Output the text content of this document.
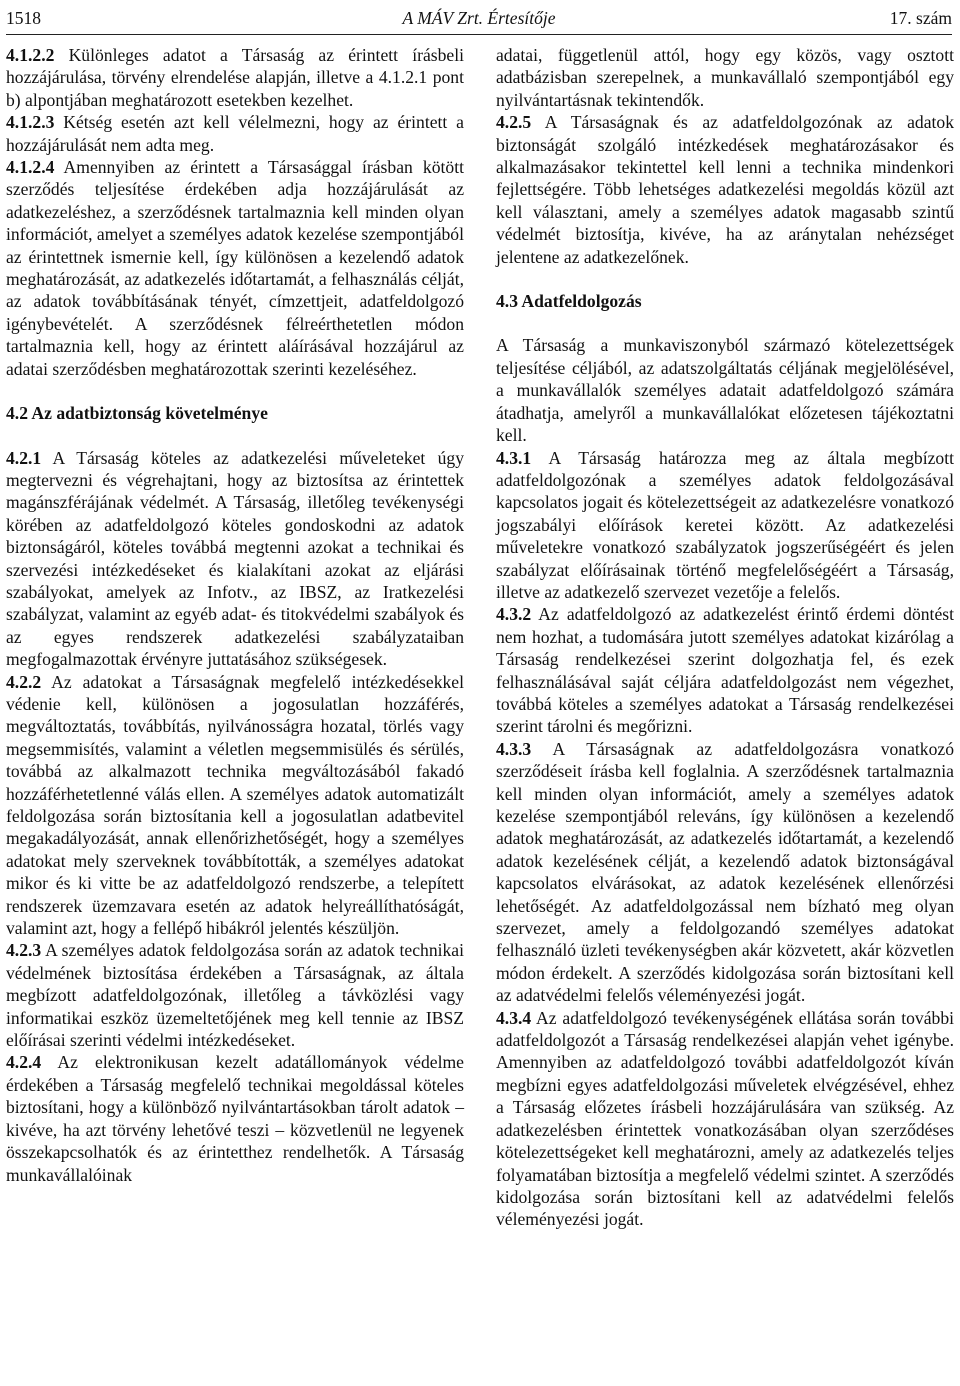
1518	A MÁV Zrt. Értesítője	17. szám

4.1.2.2 Különleges adatot a Társaság az érintett írásbeli hozzájárulása, törvény elrendelése alapján, illetve a 4.1.2.1 pont b) alpontjában meghatározott esetekben kezelhet.

4.1.2.3 Kétség esetén azt kell vélelmezni, hogy az érintett a hozzájárulását nem adta meg.

4.1.2.4 Amennyiben az érintett a Társasággal írásban kötött szerződés teljesítése érdekében adja hozzájárulását az adatkezeléshez, a szerződésnek tartalmaznia kell minden olyan információt, amelyet a személyes adatok kezelése szempontjából az érintettnek ismernie kell, így különösen a kezelendő adatok meghatározását, az adatkezelés időtartamát, a felhasználás célját, az adatok továbbításának tényét, címzettjeit, adatfeldolgozó igénybevételét. A szerződésnek félreérthetetlen módon tartalmaznia kell, hogy az érintett aláírásával hozzájárul az adatai szerződésben meghatározottak szerinti kezeléséhez.

4.2 Az adatbiztonság követelménye

4.2.1 A Társaság köteles az adatkezelési műveleteket úgy megtervezni és végrehajtani, hogy az biztosítsa az érintettek magánszférájának védelmét. A Társaság, illetőleg tevékenységi körében az adatfeldolgozó köteles gondoskodni az adatok biztonságáról, köteles továbbá megtenni azokat a technikai és szervezési intézkedéseket és kialakítani azokat az eljárási szabályokat, amelyek az Infotv., az IBSZ, az Iratkezelési szabályzat, valamint az egyéb adat- és titokvédelmi szabályok és az egyes rendszerek adatkezelési szabályzataiban megfogalmazottak érvényre juttatásához szükségesek.

4.2.2 Az adatokat a Társaságnak megfelelő intézkedésekkel védenie kell, különösen a jogosulatlan hozzáférés, megváltoztatás, továbbítás, nyilvánosságra hozatal, törlés vagy megsemmisítés, valamint a véletlen megsemmisülés és sérülés, továbbá az alkalmazott technika megváltozásából fakadó hozzáférhetetlenné válás ellen. A személyes adatok automatizált feldolgozása során biztosítania kell a jogosulatlan adatbevitel megakadályozását, annak ellenőrizhetőségét, hogy a személyes adatokat mely szerveknek továbbították, a személyes adatokat mikor és ki vitte be az adatfeldolgozó rendszerbe, a telepített rendszerek üzemzavara esetén az adatok helyreállíthatóságát, valamint azt, hogy a fellépő hibákról jelentés készüljön.

4.2.3 A személyes adatok feldolgozása során az adatok technikai védelmének biztosítása érdekében a Társaságnak, az általa megbízott adatfeldolgozónak, illetőleg a távközlési vagy informatikai eszköz üzemeltetőjének meg kell tennie az IBSZ előírásai szerinti védelmi intézkedéseket.

4.2.4 Az elektronikusan kezelt adatállományok védelme érdekében a Társaság megfelelő technikai megoldással köteles biztosítani, hogy a különböző nyilvántartásokban tárolt adatok – kivéve, ha azt törvény lehetővé teszi – közvetlenül ne legyenek összekapcsolhatók és az érintetthez rendelhetők. A Társaság munkavállalóinak

adatai, függetlenül attól, hogy egy közös, vagy osztott adatbázisban szerepelnek, a munkavállaló szempontjából egy nyilvántartásnak tekintendők.

4.2.5 A Társaságnak és az adatfeldolgozónak az adatok biztonságát szolgáló intézkedések meghatározásakor és alkalmazásakor tekintettel kell lenni a technika mindenkori fejlettségére. Több lehetséges adatkezelési megoldás közül azt kell választani, amely a személyes adatok magasabb szintű védelmét biztosítja, kivéve, ha az aránytalan nehézséget jelentene az adatkezelőnek.

4.3 Adatfeldolgozás

A Társaság a munkaviszonyból származó kötelezettségek teljesítése céljából, az adatszolgáltatás céljának megjelölésével, a munkavállalók személyes adatait adatfeldolgozó számára átadhatja, amelyről a munkavállalókat előzetesen tájékoztatni kell.

4.3.1 A Társaság határozza meg az általa megbízott adatfeldolgozónak a személyes adatok feldolgozásával kapcsolatos jogait és kötelezettségeit az adatkezelésre vonatkozó jogszabályi előírások keretei között. Az adatkezelési műveletekre vonatkozó szabályzatok jogszerűségéért és jelen szabályzat előírásainak történő megfelelőségéért a Társaság, illetve az adatkezelő szervezet vezetője a felelős.

4.3.2 Az adatfeldolgozó az adatkezelést érintő érdemi döntést nem hozhat, a tudomására jutott személyes adatokat kizárólag a Társaság rendelkezései szerint dolgozhatja fel, és ezek felhasználásával saját céljára adatfeldolgozást nem végezhet, továbbá köteles a személyes adatokat a Társaság rendelkezései szerint tárolni és megőrizni.

4.3.3 A Társaságnak az adatfeldolgozásra vonatkozó szerződéseit írásba kell foglalnia. A szerződésnek tartalmaznia kell minden olyan információt, amely a személyes adatok kezelése szempontjából releváns, így különösen a kezelendő adatok meghatározását, az adatkezelés időtartamát, a kezelendő adatok kezelésének célját, a kezelendő adatok biztonságával kapcsolatos elvárásokat, az adatok kezelésének ellenőrzési lehetőségét. Az adatfeldolgozással nem bízható meg olyan szervezet, amely a feldolgozandó személyes adatokat felhasználó üzleti tevékenységben akár közvetett, akár közvetlen módon érdekelt. A szerződés kidolgozása során biztosítani kell az adatvédelmi felelős véleményezési jogát.

4.3.4 Az adatfeldolgozó tevékenységének ellátása során további adatfeldolgozót a Társaság rendelkezései alapján vehet igénybe. Amennyiben az adatfeldolgozó további adatfeldolgozót kíván megbízni egyes adatfeldolgozási műveletek elvégzésével, ehhez a Társaság előzetes írásbeli hozzájárulására van szükség. Az adatkezelésben érintettek vonatkozásában olyan szerződéses kötelezettségeket kell meghatározni, amely az adatkezelés teljes folyamatában biztosítja a megfelelő védelmi szintet. A szerződés kidolgozása során biztosítani kell az adatvédelmi felelős véleményezési jogát.
